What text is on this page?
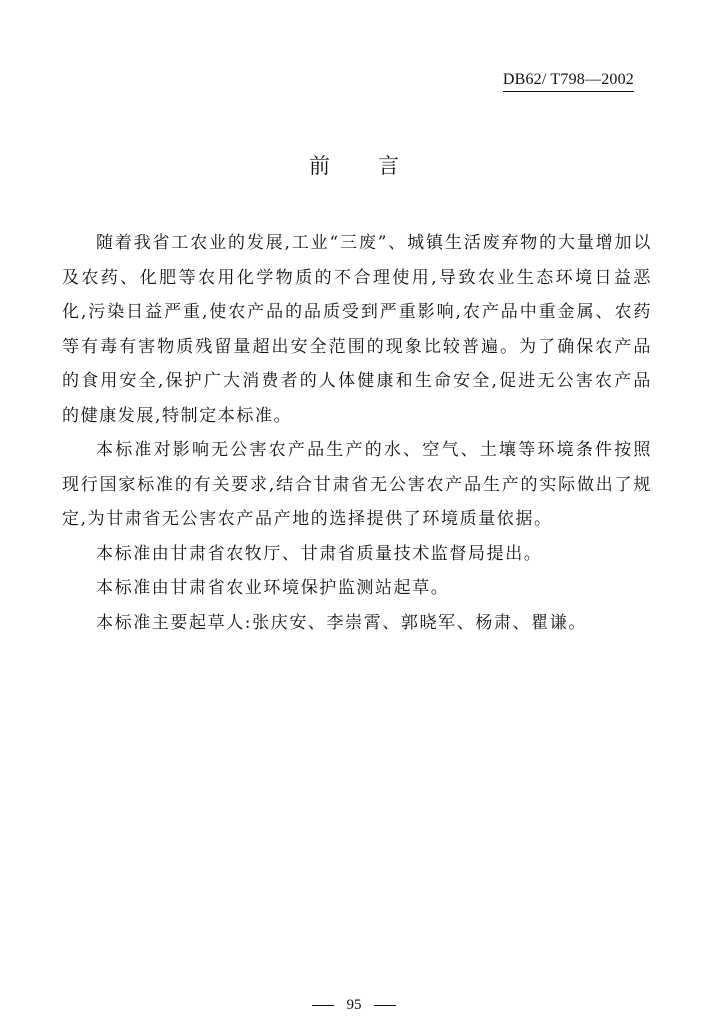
DB62/ T798—2002
前言

随着我省工农业的发展,工业“三废”、城镇生活废弃物的大量增加以及农药、化肥等农用化学物质的不合理使用,导致农业生态环境日益恶化,污染日益严重,使农产品的品质受到严重影响,农产品中重金属、农药等有毒有害物质残留量超出安全范围的现象比较普遍。为了确保农产品的食用安全,保护广大消费者的人体健康和生命安全,促进无公害农产品的健康发展,特制定本标准。

本标准对影响无公害农产品生产的水、空气、土壤等环境条件按照现行国家标准的有关要求,结合甘肃省无公害农产品生产的实际做出了规定,为甘肃省无公害农产品产地的选择提供了环境质量依据。

本标准由甘肃省农牧厅、甘肃省质量技术监督局提出。

本标准由甘肃省农业环境保护监测站起草。

本标准主要起草人:张庆安、李崇霄、郭晓军、杨肃、瞿谦。

95
